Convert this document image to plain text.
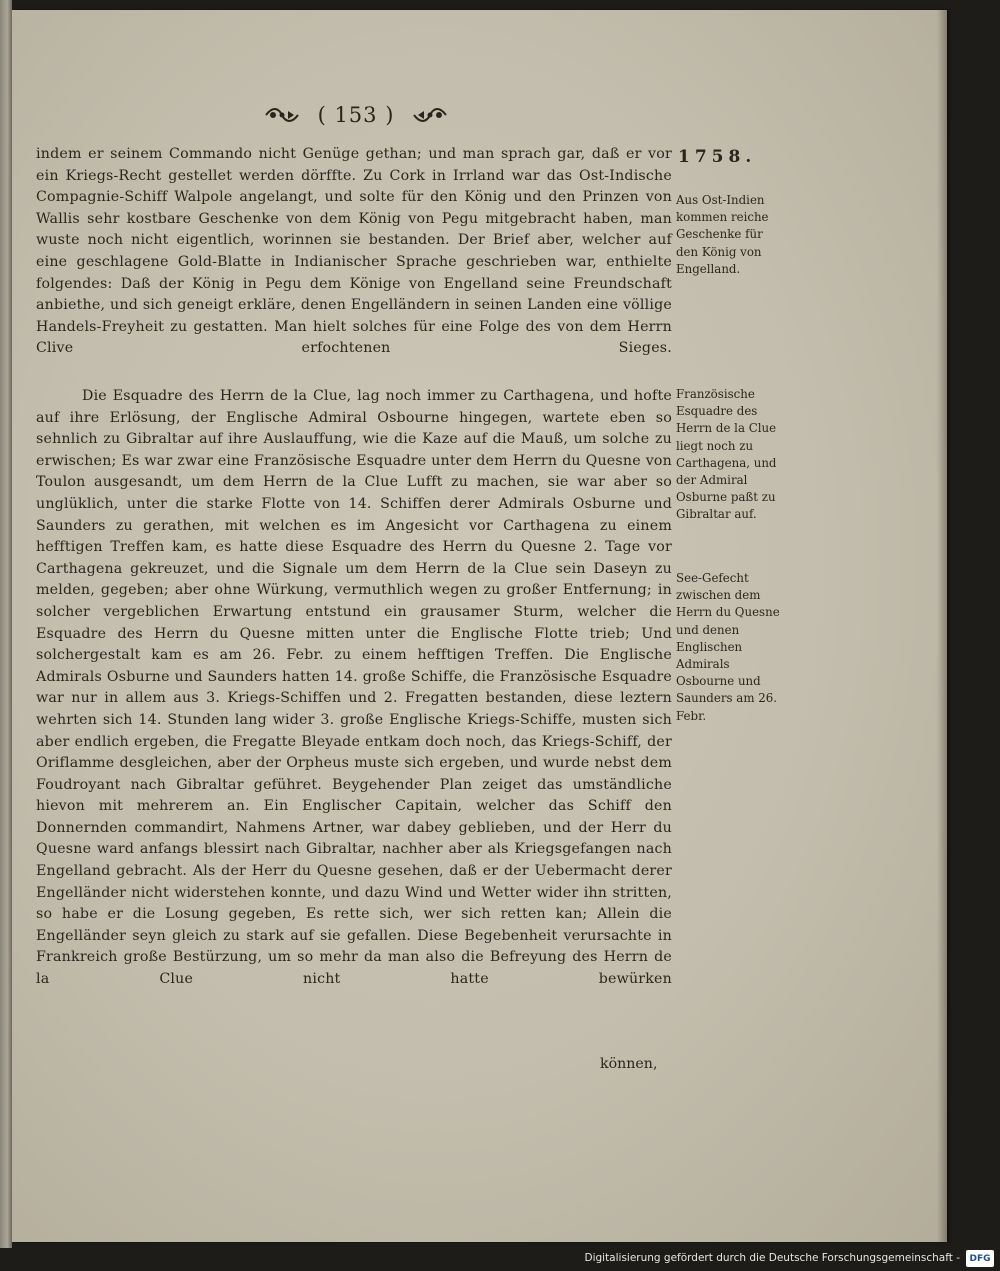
( 153 )
1758.

indem er seinem Commando nicht Genüge gethan; und man sprach gar, daß er vor ein Kriegs-Recht gestellet werden dörffte. Zu Cork in Irrland war das Ost-Indische Compagnie-Schiff Walpole angelangt, und solte für den König und den Prinzen von Wallis sehr kostbare Geschenke von dem König von Pegu mitgebracht haben, man wuste noch nicht eigentlich, worinnen sie bestanden. Der Brief aber, welcher auf eine geschlagene Gold-Blatte in Indianischer Sprache geschrieben war, enthielte folgendes: Daß der König in Pegu dem Könige von Engelland seine Freundschaft anbiethe, und sich geneigt erkläre, denen Engelländern in seinen Landen eine völlige Handels-Freyheit zu gestatten. Man hielt solches für eine Folge des von dem Herrn Clive erfochtenen Sieges.

Die Esquadre des Herrn de la Clue, lag noch immer zu Carthagena, und hofte auf ihre Erlösung, der Englische Admiral Osbourne hingegen, wartete eben so sehnlich zu Gibraltar auf ihre Auslauffung, wie die Kaze auf die Mauß, um solche zu erwischen; Es war zwar eine Französische Esquadre unter dem Herrn du Quesne von Toulon ausgesandt, um dem Herrn de la Clue Lufft zu machen, sie war aber so unglüklich, unter die starke Flotte von 14. Schiffen derer Admirals Osburne und Saunders zu gerathen, mit welchen es im Angesicht vor Carthagena zu einem hefftigen Treffen kam, es hatte diese Esquadre des Herrn du Quesne 2. Tage vor Carthagena gekreuzet, und die Signale um dem Herrn de la Clue sein Daseyn zu melden, gegeben; aber ohne Würkung, vermuthlich wegen zu großer Entfernung; in solcher vergeblichen Erwartung entstund ein grausamer Sturm, welcher die Esquadre des Herrn du Quesne mitten unter die Englische Flotte trieb; Und solchergestalt kam es am 26. Febr. zu einem hefftigen Treffen. Die Englische Admirals Osburne und Saunders hatten 14. große Schiffe, die Französische Esquadre war nur in allem aus 3. Kriegs-Schiffen und 2. Fregatten bestanden, diese leztern wehrten sich 14. Stunden lang wider 3. große Englische Kriegs-Schiffe, musten sich aber endlich ergeben, die Fregatte Bleyade entkam doch noch, das Kriegs-Schiff, der Oriflamme desgleichen, aber der Orpheus muste sich ergeben, und wurde nebst dem Foudroyant nach Gibraltar geführet. Beygehender Plan zeiget das umständliche hievon mit mehrerem an. Ein Englischer Capitain, welcher das Schiff den Donnernden commandirt, Nahmens Artner, war dabey geblieben, und der Herr du Quesne ward anfangs blessirt nach Gibraltar, nachher aber als Kriegsgefangen nach Engelland gebracht. Als der Herr du Quesne gesehen, daß er der Uebermacht derer Engelländer nicht widerstehen konnte, und dazu Wind und Wetter wider ihn stritten, so habe er die Losung gegeben, Es rette sich, wer sich retten kan; Allein die Engelländer seyn gleich zu stark auf sie gefallen. Diese Begebenheit verursachte in Frankreich große Bestürzung, um so mehr da man also die Befreyung des Herrn de la Clue nicht hatte bewürken

können,

Aus Ost-Indien kommen reiche Geschenke für den König von Engelland.

Französische Esquadre des Herrn de la Clue liegt noch zu Carthagena, und der Admiral Osburne paßt zu Gibraltar auf.

See-Gefecht zwischen dem Herrn du Quesne und denen Englischen Admirals Osbourne und Saunders am 26. Febr.

Digitalisierung gefördert durch die Deutsche Forschungsgemeinschaft -	DFG
